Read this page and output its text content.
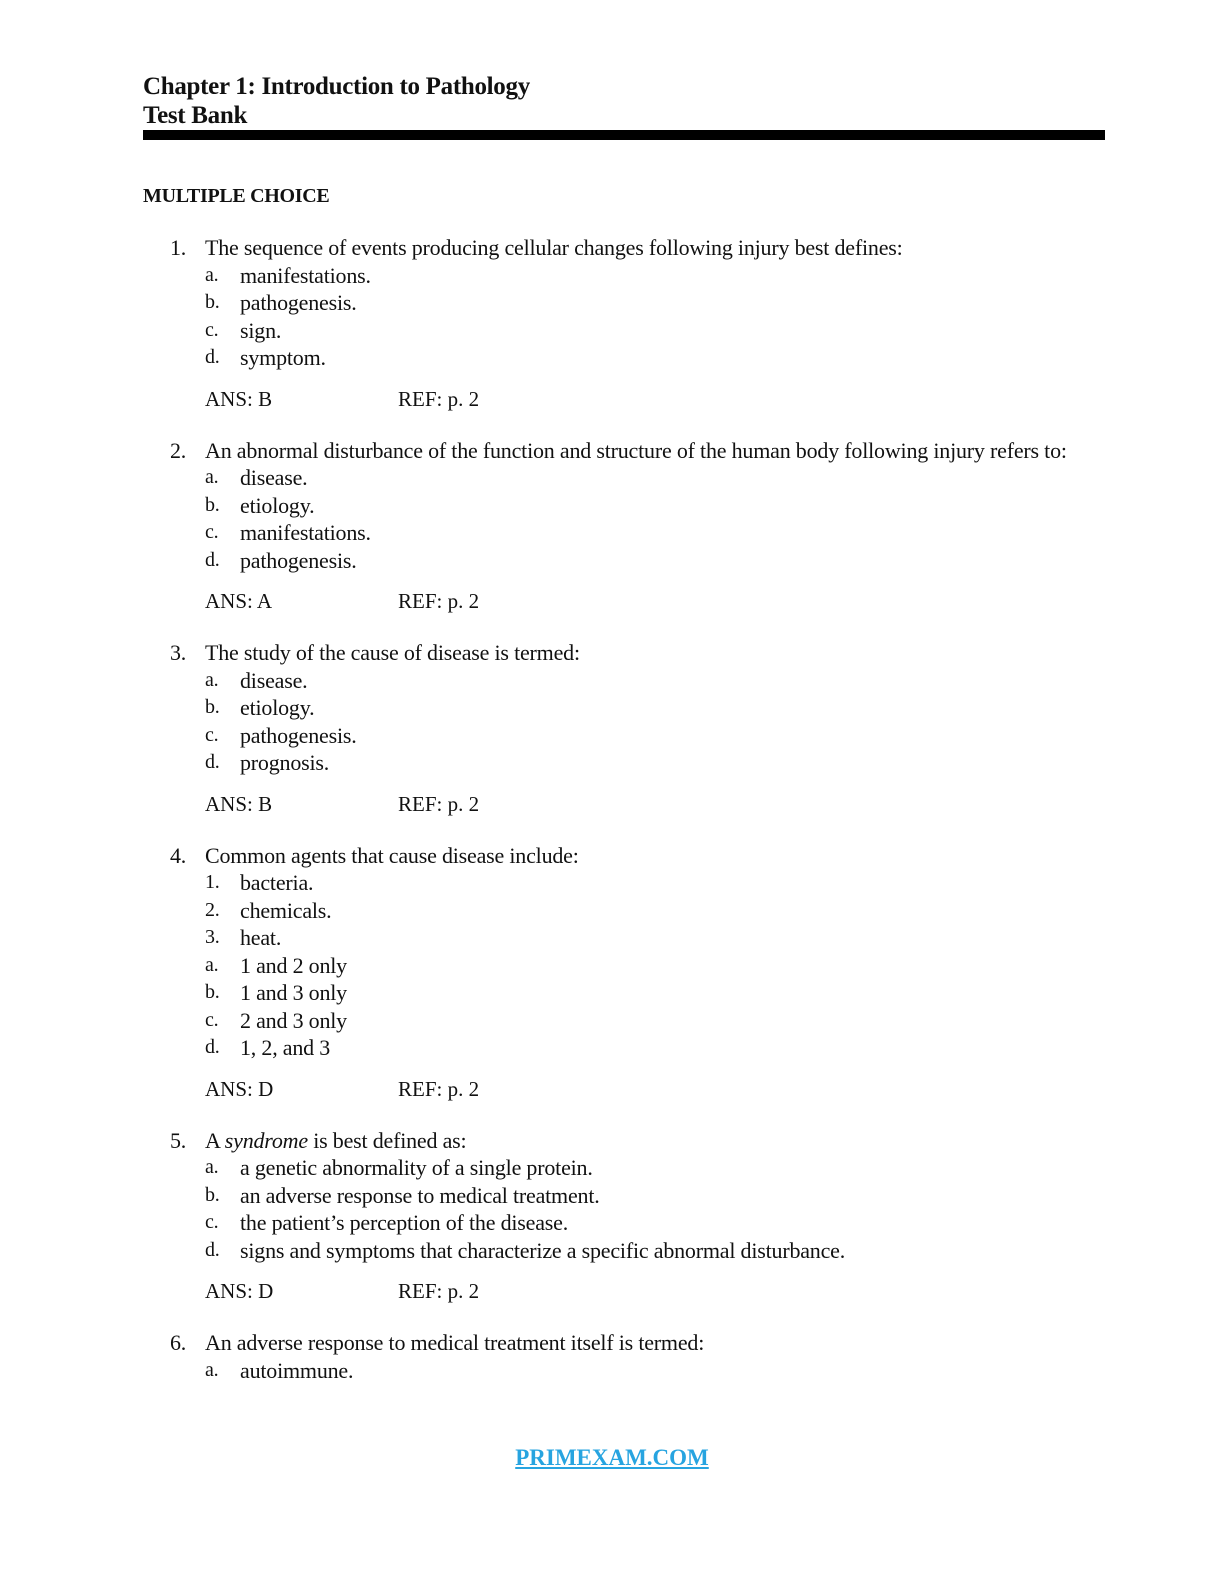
Chapter 1: Introduction to Pathology
Test Bank
MULTIPLE CHOICE
1. The sequence of events producing cellular changes following injury best defines:
a. manifestations.
b. pathogenesis.
c. sign.
d. symptom.
ANS: B	REF: p. 2
2. An abnormal disturbance of the function and structure of the human body following injury refers to:
a. disease.
b. etiology.
c. manifestations.
d. pathogenesis.
ANS: A	REF: p. 2
3. The study of the cause of disease is termed:
a. disease.
b. etiology.
c. pathogenesis.
d. prognosis.
ANS: B	REF: p. 2
4. Common agents that cause disease include:
1. bacteria.
2. chemicals.
3. heat.
a. 1 and 2 only
b. 1 and 3 only
c. 2 and 3 only
d. 1, 2, and 3
ANS: D	REF: p. 2
5. A syndrome is best defined as:
a. a genetic abnormality of a single protein.
b. an adverse response to medical treatment.
c. the patient’s perception of the disease.
d. signs and symptoms that characterize a specific abnormal disturbance.
ANS: D	REF: p. 2
6. An adverse response to medical treatment itself is termed:
a. autoimmune.
PRIMEXAM.COM
